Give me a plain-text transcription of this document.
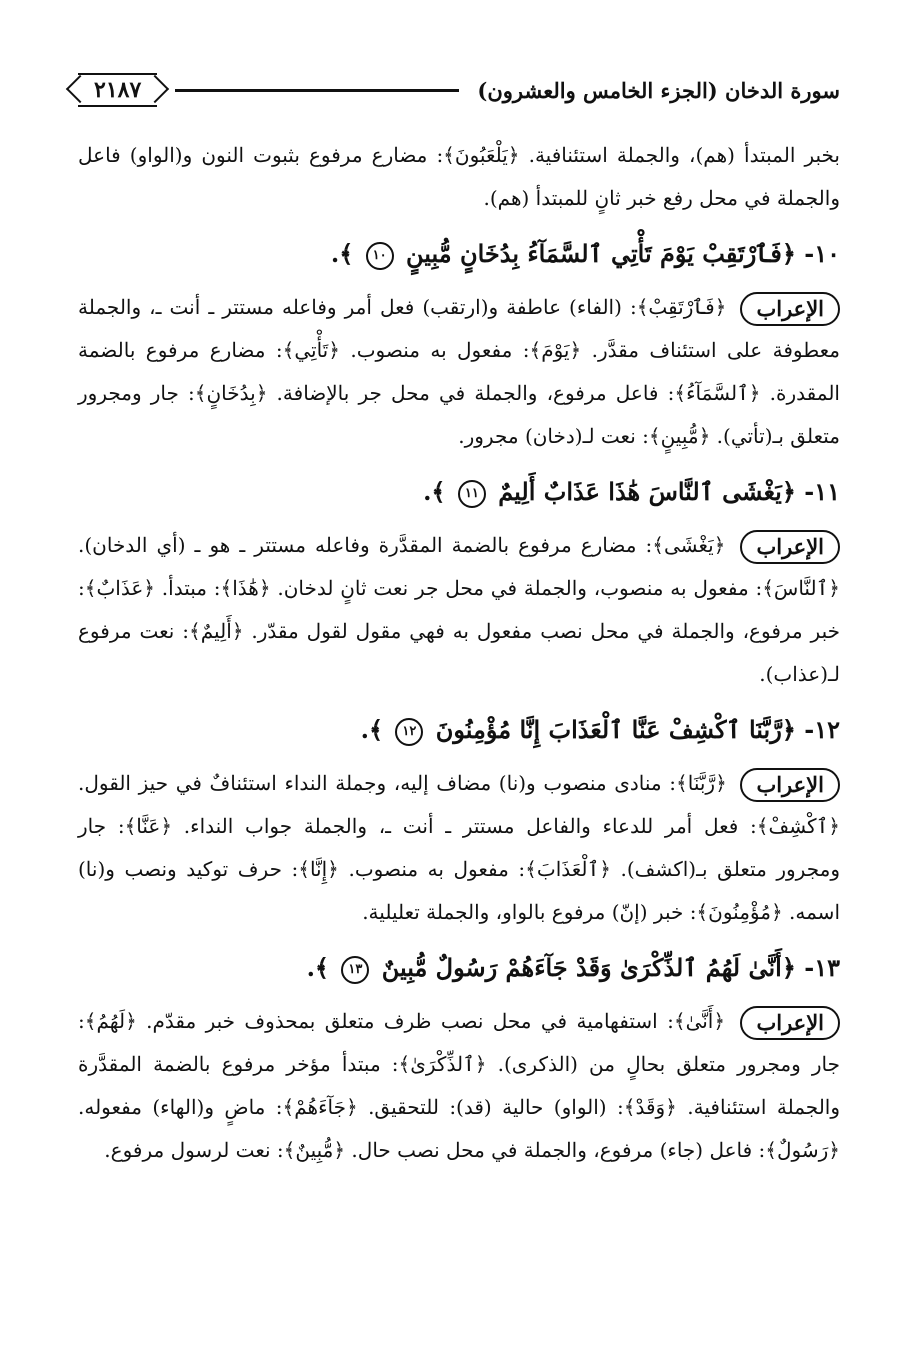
سورة الدخان (الجزء الخامس والعشرون)
٢١٨٧

بخبر المبتدأ (هم)، والجملة استئنافية. ﴿يَلْعَبُونَ﴾: مضارع مرفوع بثبوت النون و(الواو) فاعل والجملة في محل رفع خبر ثانٍ للمبتدأ (هم).

١٠- ﴿فَٱرْتَقِبْ يَوْمَ تَأْتِي ٱلسَّمَآءُ بِدُخَانٍ مُّبِينٍ ١٠ ﴾.

الإعراب ﴿فَٱرْتَقِبْ﴾: (الفاء) عاطفة و(ارتقب) فعل أمر وفاعله مستتر ـ أنت ـ، والجملة معطوفة على استئناف مقدَّر. ﴿يَوْمَ﴾: مفعول به منصوب. ﴿تَأْتِي﴾: مضارع مرفوع بالضمة المقدرة. ﴿ٱلسَّمَآءُ﴾: فاعل مرفوع، والجملة في محل جر بالإضافة. ﴿بِدُخَانٍ﴾: جار ومجرور متعلق بـ(تأتي). ﴿مُّبِينٍ﴾: نعت لـ(دخان) مجرور.

١١- ﴿يَغْشَى ٱلنَّاسَ هَٰذَا عَذَابٌ أَلِيمٌ ١١ ﴾.

الإعراب ﴿يَغْشَى﴾: مضارع مرفوع بالضمة المقدَّرة وفاعله مستتر ـ هو ـ (أي الدخان). ﴿ٱلنَّاسَ﴾: مفعول به منصوب، والجملة في محل جر نعت ثانٍ لدخان. ﴿هَٰذَا﴾: مبتدأ. ﴿عَذَابٌ﴾: خبر مرفوع، والجملة في محل نصب مفعول به فهي مقول لقول مقدّر. ﴿أَلِيمٌ﴾: نعت مرفوع لـ(عذاب).

١٢- ﴿رَّبَّنَا ٱكْشِفْ عَنَّا ٱلْعَذَابَ إِنَّا مُؤْمِنُونَ ١٢ ﴾.

الإعراب ﴿رَّبَّنَا﴾: منادى منصوب و(نا) مضاف إليه، وجملة النداء استئنافٌ في حيز القول. ﴿ٱكْشِفْ﴾: فعل أمر للدعاء والفاعل مستتر ـ أنت ـ، والجملة جواب النداء. ﴿عَنَّا﴾: جار ومجرور متعلق بـ(اكشف). ﴿ٱلْعَذَابَ﴾: مفعول به منصوب. ﴿إِنَّا﴾: حرف توكيد ونصب و(نا) اسمه. ﴿مُؤْمِنُونَ﴾: خبر (إنّ) مرفوع بالواو، والجملة تعليلية.

١٣- ﴿أَنَّىٰ لَهُمُ ٱلذِّكْرَىٰ وَقَدْ جَآءَهُمْ رَسُولٌ مُّبِينٌ ١٣ ﴾.

الإعراب ﴿أَنَّىٰ﴾: استفهامية في محل نصب ظرف متعلق بمحذوف خبر مقدّم. ﴿لَهُمُ﴾: جار ومجرور متعلق بحالٍ من (الذكرى). ﴿ٱلذِّكْرَىٰ﴾: مبتدأ مؤخر مرفوع بالضمة المقدَّرة والجملة استئنافية. ﴿وَقَدْ﴾: (الواو) حالية (قد): للتحقيق. ﴿جَآءَهُمْ﴾: ماضٍ و(الهاء) مفعوله. ﴿رَسُولٌ﴾: فاعل (جاء) مرفوع، والجملة في محل نصب حال. ﴿مُّبِينٌ﴾: نعت لرسول مرفوع.
